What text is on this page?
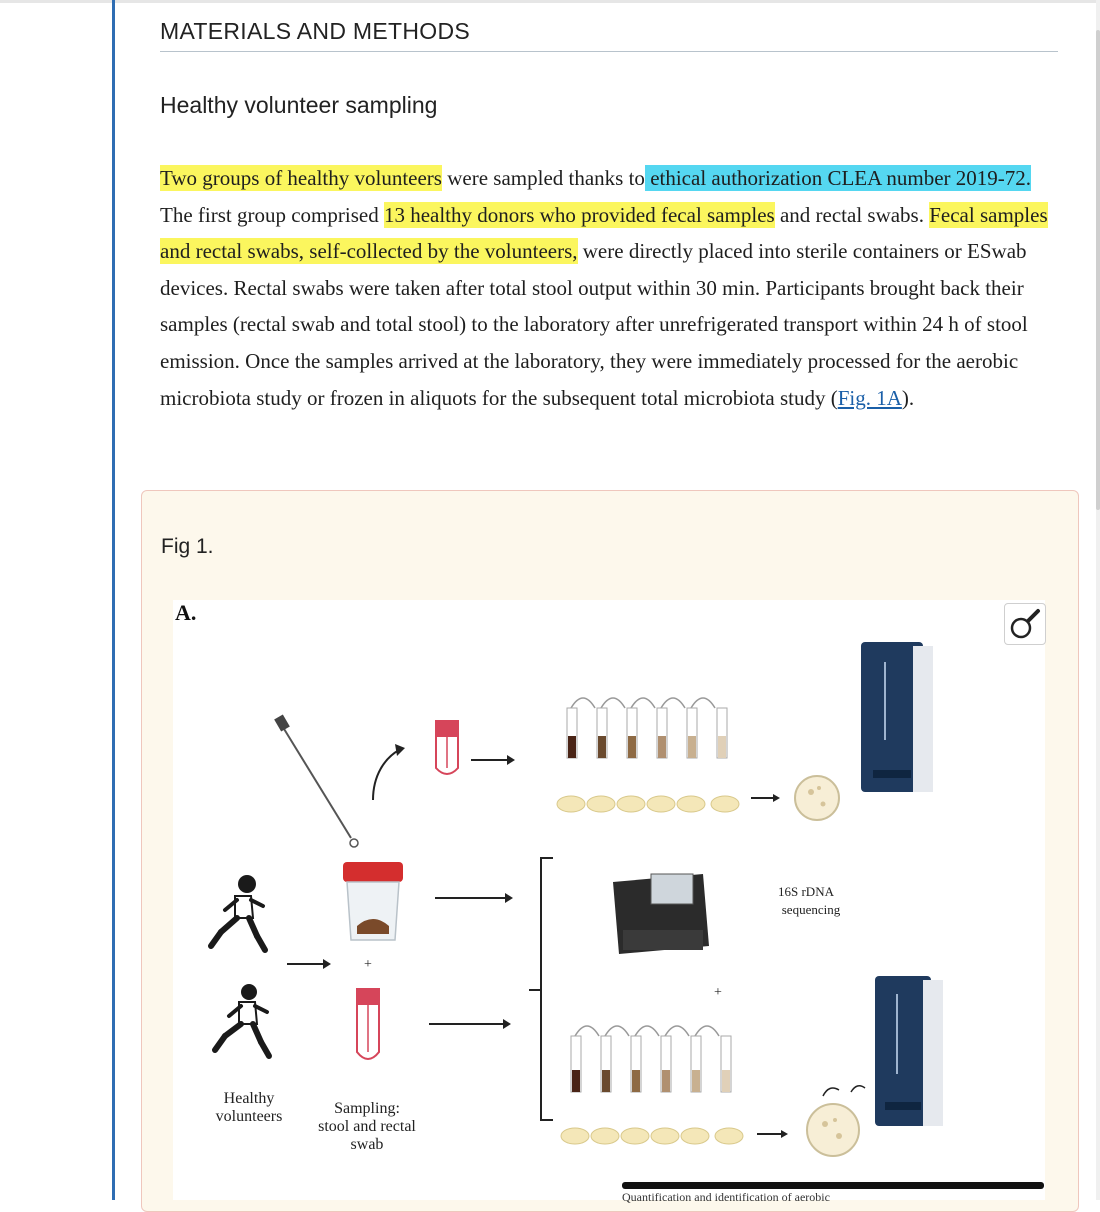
MATERIALS AND METHODS
Healthy volunteer sampling

Two groups of healthy volunteers were sampled thanks to ethical authorization CLEA number 2019-72. The first group comprised 13 healthy donors who provided fecal samples and rectal swabs. Fecal samples and rectal swabs, self-collected by the volunteers, were directly placed into sterile containers or ESwab devices. Rectal swabs were taken after total stool output within 30 min. Participants brought back their samples (rectal swab and total stool) to the laboratory after unrefrigerated transport within 24 h of stool emission. Once the samples arrived at the laboratory, they were immediately processed for the aerobic microbiota study or frozen in aliquots for the subsequent total microbiota study (Fig. 1A).

Fig 1.
+
16S rDNA
sequencing
+
A.
Healthy volunteers	Sampling: stool and rectal swab
Quantification and identification of aerobic
